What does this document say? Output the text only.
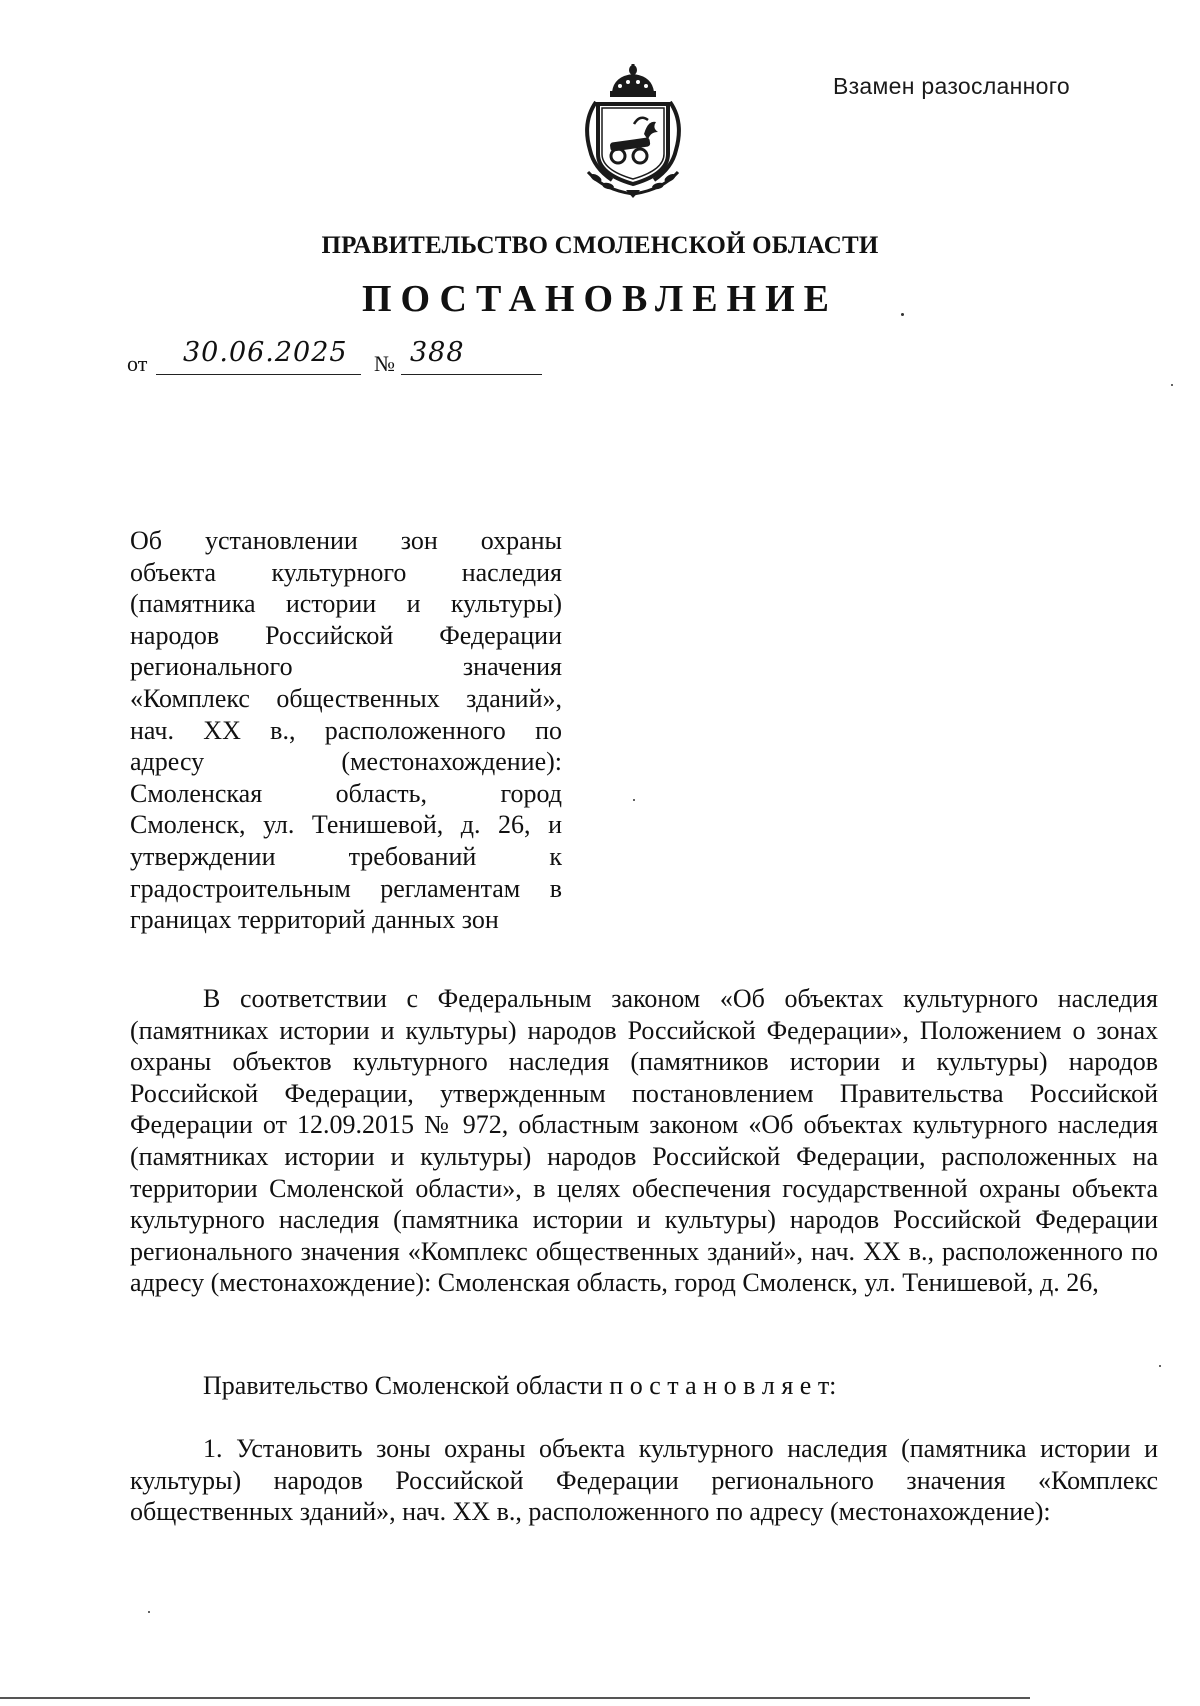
Взамен разосланного
ПРАВИТЕЛЬСТВО СМОЛЕНСКОЙ ОБЛАСТИ
ПОСТАНОВЛЕНИЕ
от 30.06.2025 № 388
Об установлении зон охраны
объекта культурного наследия
(памятника истории и культуры)
народов Российской Федерации
регионального значения
«Комплекс общественных зданий»,
нач. XX в., расположенного по
адресу (местонахождение):
Смоленская область, город
Смоленск, ул. Тенишевой, д. 26, и
утверждении требований к
градостроительным регламентам в
границах территорий данных зон

В соответствии с Федеральным законом «Об объектах культурного наследия (памятниках истории и культуры) народов Российской Федерации», Положением о зонах охраны объектов культурного наследия (памятников истории и культуры) народов Российской Федерации, утвержденным постановлением Правительства Российской Федерации от 12.09.2015 № 972, областным законом «Об объектах культурного наследия (памятниках истории и культуры) народов Российской Федерации, расположенных на территории Смоленской области», в целях обеспечения государственной охраны объекта культурного наследия (памятника истории и культуры) народов Российской Федерации регионального значения «Комплекс общественных зданий», нач. XX в., расположенного по адресу (местонахождение): Смоленская область, город Смоленск, ул. Тенишевой, д. 26,

Правительство Смоленской области п о с т а н о в л я е т:

1. Установить зоны охраны объекта культурного наследия (памятника истории и культуры) народов Российской Федерации регионального значения «Комплекс общественных зданий», нач. XX в., расположенного по адресу (местонахождение):
